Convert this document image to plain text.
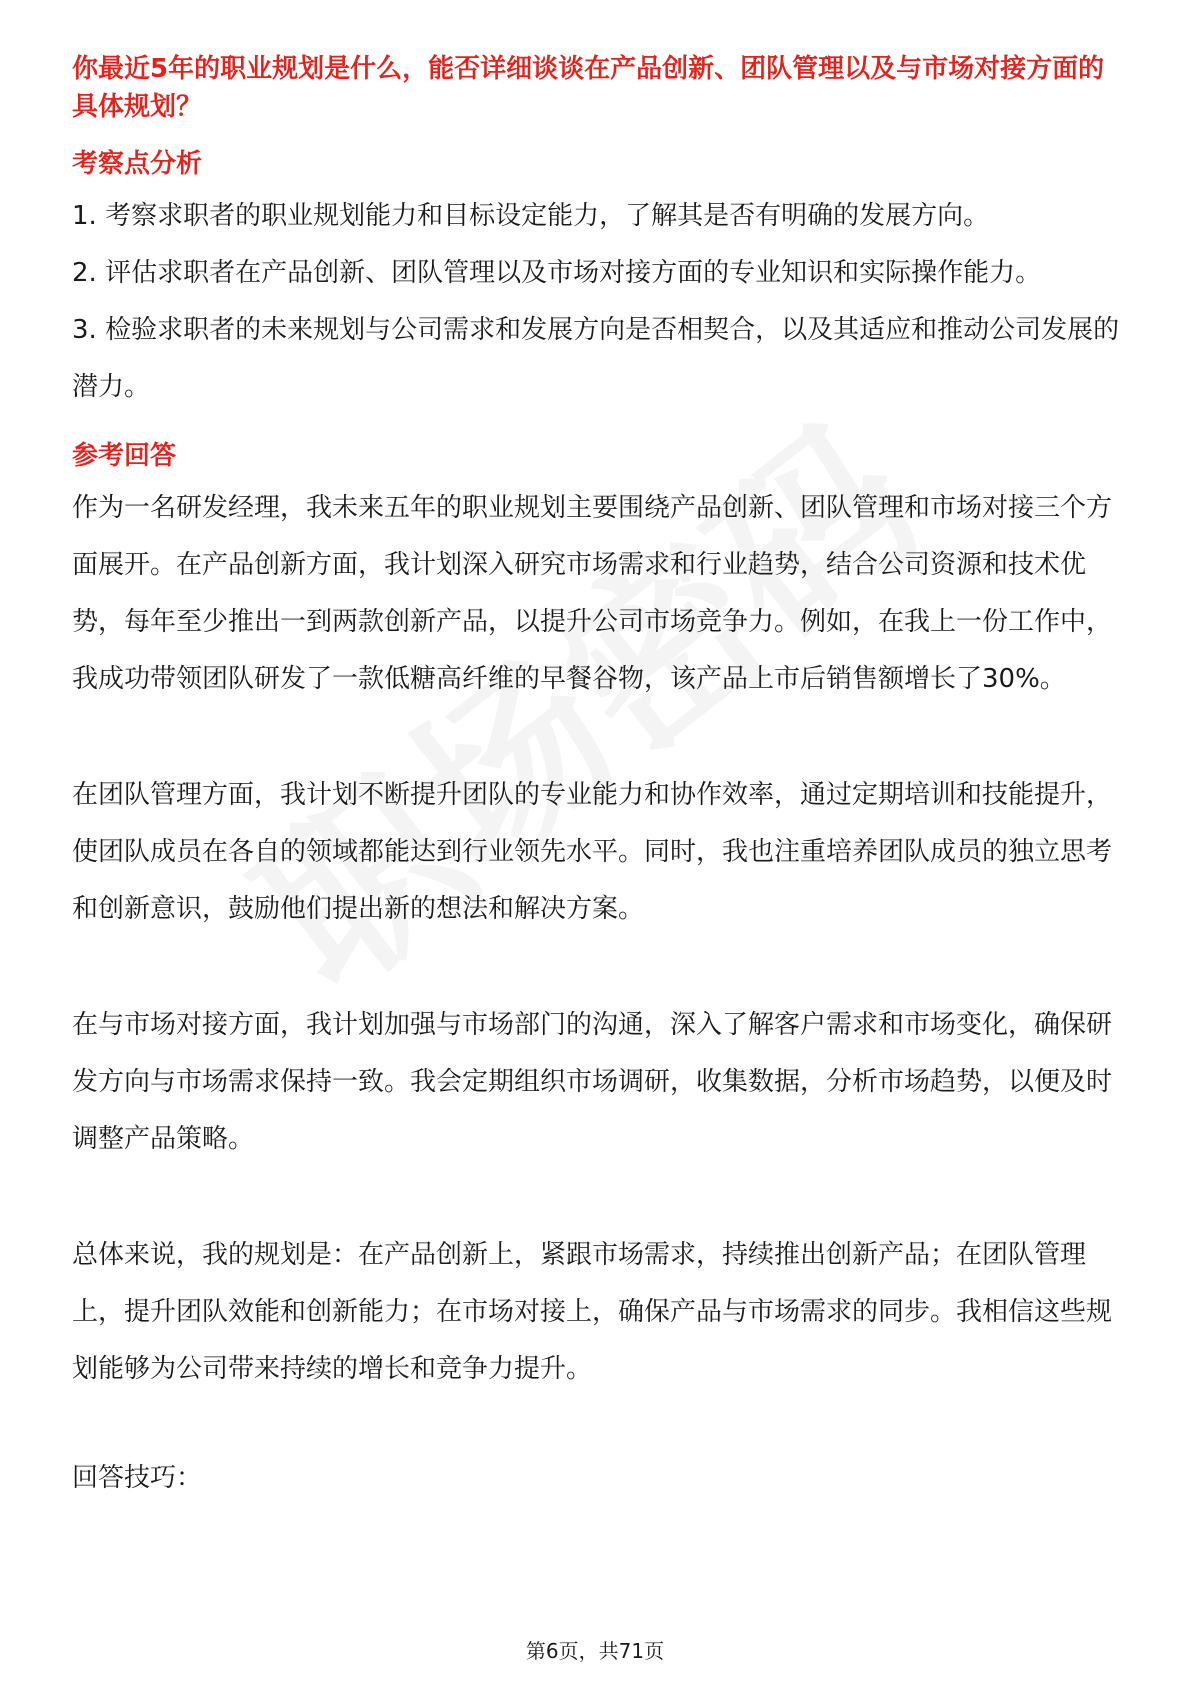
你最近5年的职业规划是什么，能否详细谈谈在产品创新、团队管理以及与市场对接方面的具体规划？
考察点分析

1. 考察求职者的职业规划能力和目标设定能力，了解其是否有明确的发展方向。

2. 评估求职者在产品创新、团队管理以及市场对接方面的专业知识和实际操作能力。

3. 检验求职者的未来规划与公司需求和发展方向是否相契合，以及其适应和推动公司发展的潜力。

参考回答

作为一名研发经理，我未来五年的职业规划主要围绕产品创新、团队管理和市场对接三个方面展开。在产品创新方面，我计划深入研究市场需求和行业趋势，结合公司资源和技术优势，每年至少推出一到两款创新产品，以提升公司市场竞争力。例如，在我上一份工作中，我成功带领团队研发了一款低糖高纤维的早餐谷物，该产品上市后销售额增长了30%。

在团队管理方面，我计划不断提升团队的专业能力和协作效率，通过定期培训和技能提升，使团队成员在各自的领域都能达到行业领先水平。同时，我也注重培养团队成员的独立思考和创新意识，鼓励他们提出新的想法和解决方案。

在与市场对接方面，我计划加强与市场部门的沟通，深入了解客户需求和市场变化，确保研发方向与市场需求保持一致。我会定期组织市场调研，收集数据，分析市场趋势，以便及时调整产品策略。

总体来说，我的规划是：在产品创新上，紧跟市场需求，持续推出创新产品；在团队管理上，提升团队效能和创新能力；在市场对接上，确保产品与市场需求的同步。我相信这些规划能够为公司带来持续的增长和竞争力提升。

回答技巧：

第6页，共71页
